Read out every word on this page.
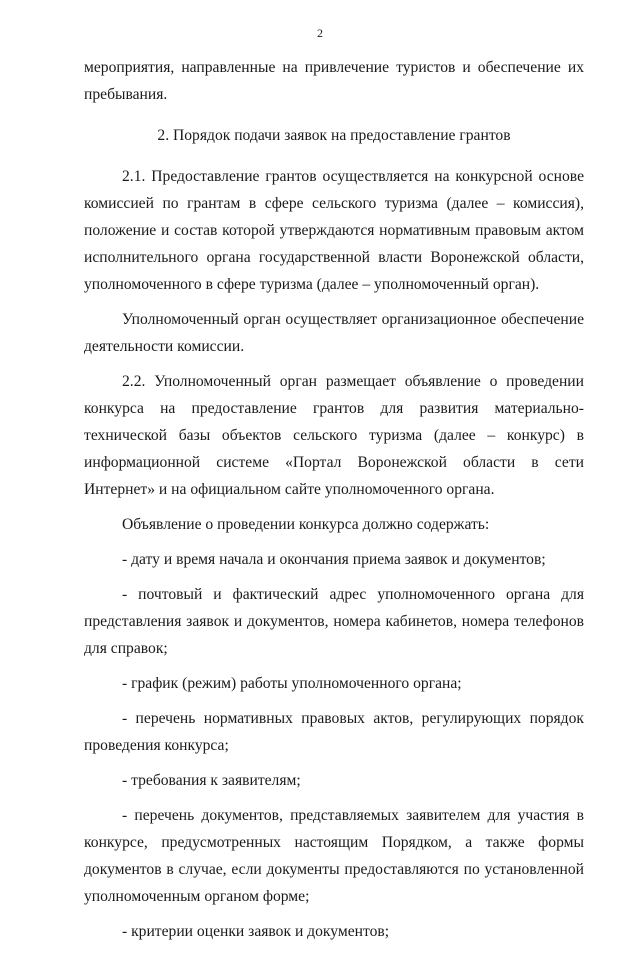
2

мероприятия, направленные на привлечение туристов и обеспечение их пребывания.

2. Порядок подачи заявок на предоставление грантов

2.1. Предоставление грантов осуществляется на конкурсной основе комиссией по грантам в сфере сельского туризма (далее – комиссия), положение и состав которой утверждаются нормативным правовым актом исполнительного органа государственной власти Воронежской области, уполномоченного в сфере туризма (далее – уполномоченный орган).

Уполномоченный орган осуществляет организационное обеспечение деятельности комиссии.

2.2. Уполномоченный орган размещает объявление о проведении конкурса на предоставление грантов для развития материально-технической базы объектов сельского туризма (далее – конкурс) в информационной системе «Портал Воронежской области в сети Интернет» и на официальном сайте уполномоченного органа.

Объявление о проведении конкурса должно содержать:

- дату и время начала и окончания приема заявок и документов;

- почтовый и фактический адрес уполномоченного органа для представления заявок и документов, номера кабинетов, номера телефонов для справок;

- график (режим) работы уполномоченного органа;

- перечень нормативных правовых актов, регулирующих порядок проведения конкурса;

- требования к заявителям;

- перечень документов, представляемых заявителем для участия в конкурсе, предусмотренных настоящим Порядком, а также формы документов в случае, если документы предоставляются по установленной уполномоченным органом форме;

- критерии оценки заявок и документов;
